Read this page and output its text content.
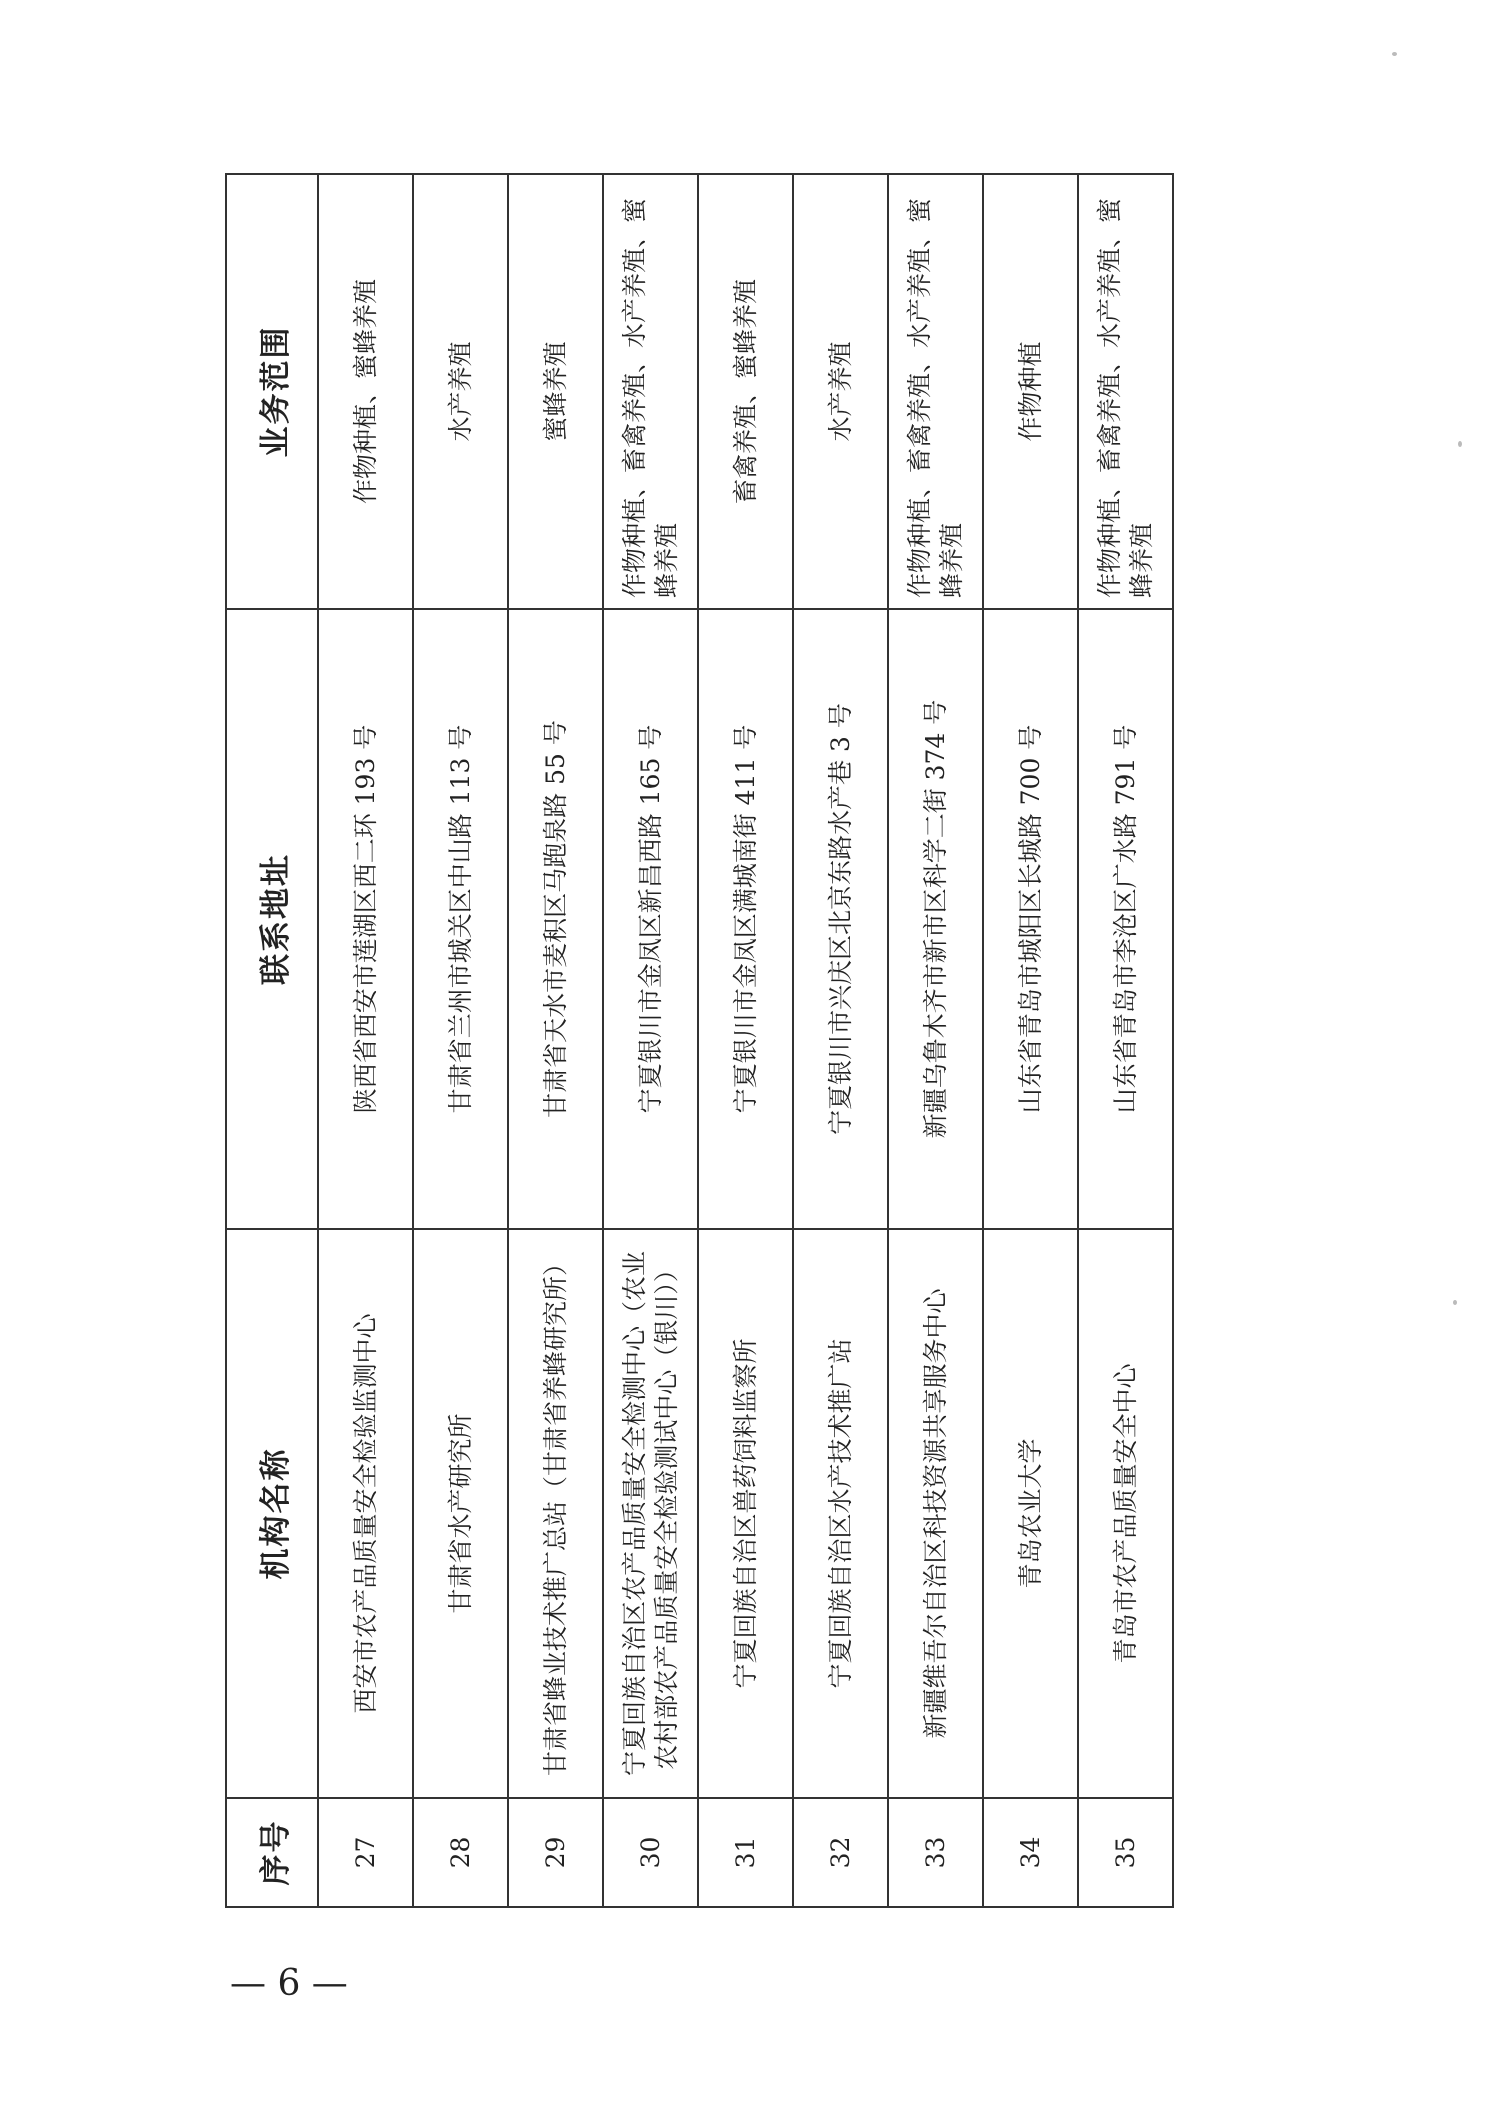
序号	机构名称	联系地址	业务范围
27	西安市农产品质量安全检验监测中心	陕西省西安市莲湖区西二环 193 号	作物种植、蜜蜂养殖
28	甘肃省水产研究所	甘肃省兰州市城关区中山路 113 号	水产养殖
29	甘肃省蜂业技术推广总站（甘肃省养蜂研究所）	甘肃省天水市麦积区马跑泉路 55 号	蜜蜂养殖
30	宁夏回族自治区农产品质量安全检测中心（农业农村部农产品质量安全检验测试中心（银川））	宁夏银川市金凤区新昌西路 165 号	作物种植、畜禽养殖、水产养殖、蜜蜂养殖
31	宁夏回族自治区兽药饲料监察所	宁夏银川市金凤区满城南街 411 号	畜禽养殖、蜜蜂养殖
32	宁夏回族自治区水产技术推广站	宁夏银川市兴庆区北京东路水产巷 3 号	水产养殖
33	新疆维吾尔自治区科技资源共享服务中心	新疆乌鲁木齐市新市区科学二街 374 号	作物种植、畜禽养殖、水产养殖、蜜蜂养殖
34	青岛农业大学	山东省青岛市城阳区长城路 700 号	作物种植
35	青岛市农产品质量安全中心	山东省青岛市李沧区广水路 791 号	作物种植、畜禽养殖、水产养殖、蜜蜂养殖
— 6 —
